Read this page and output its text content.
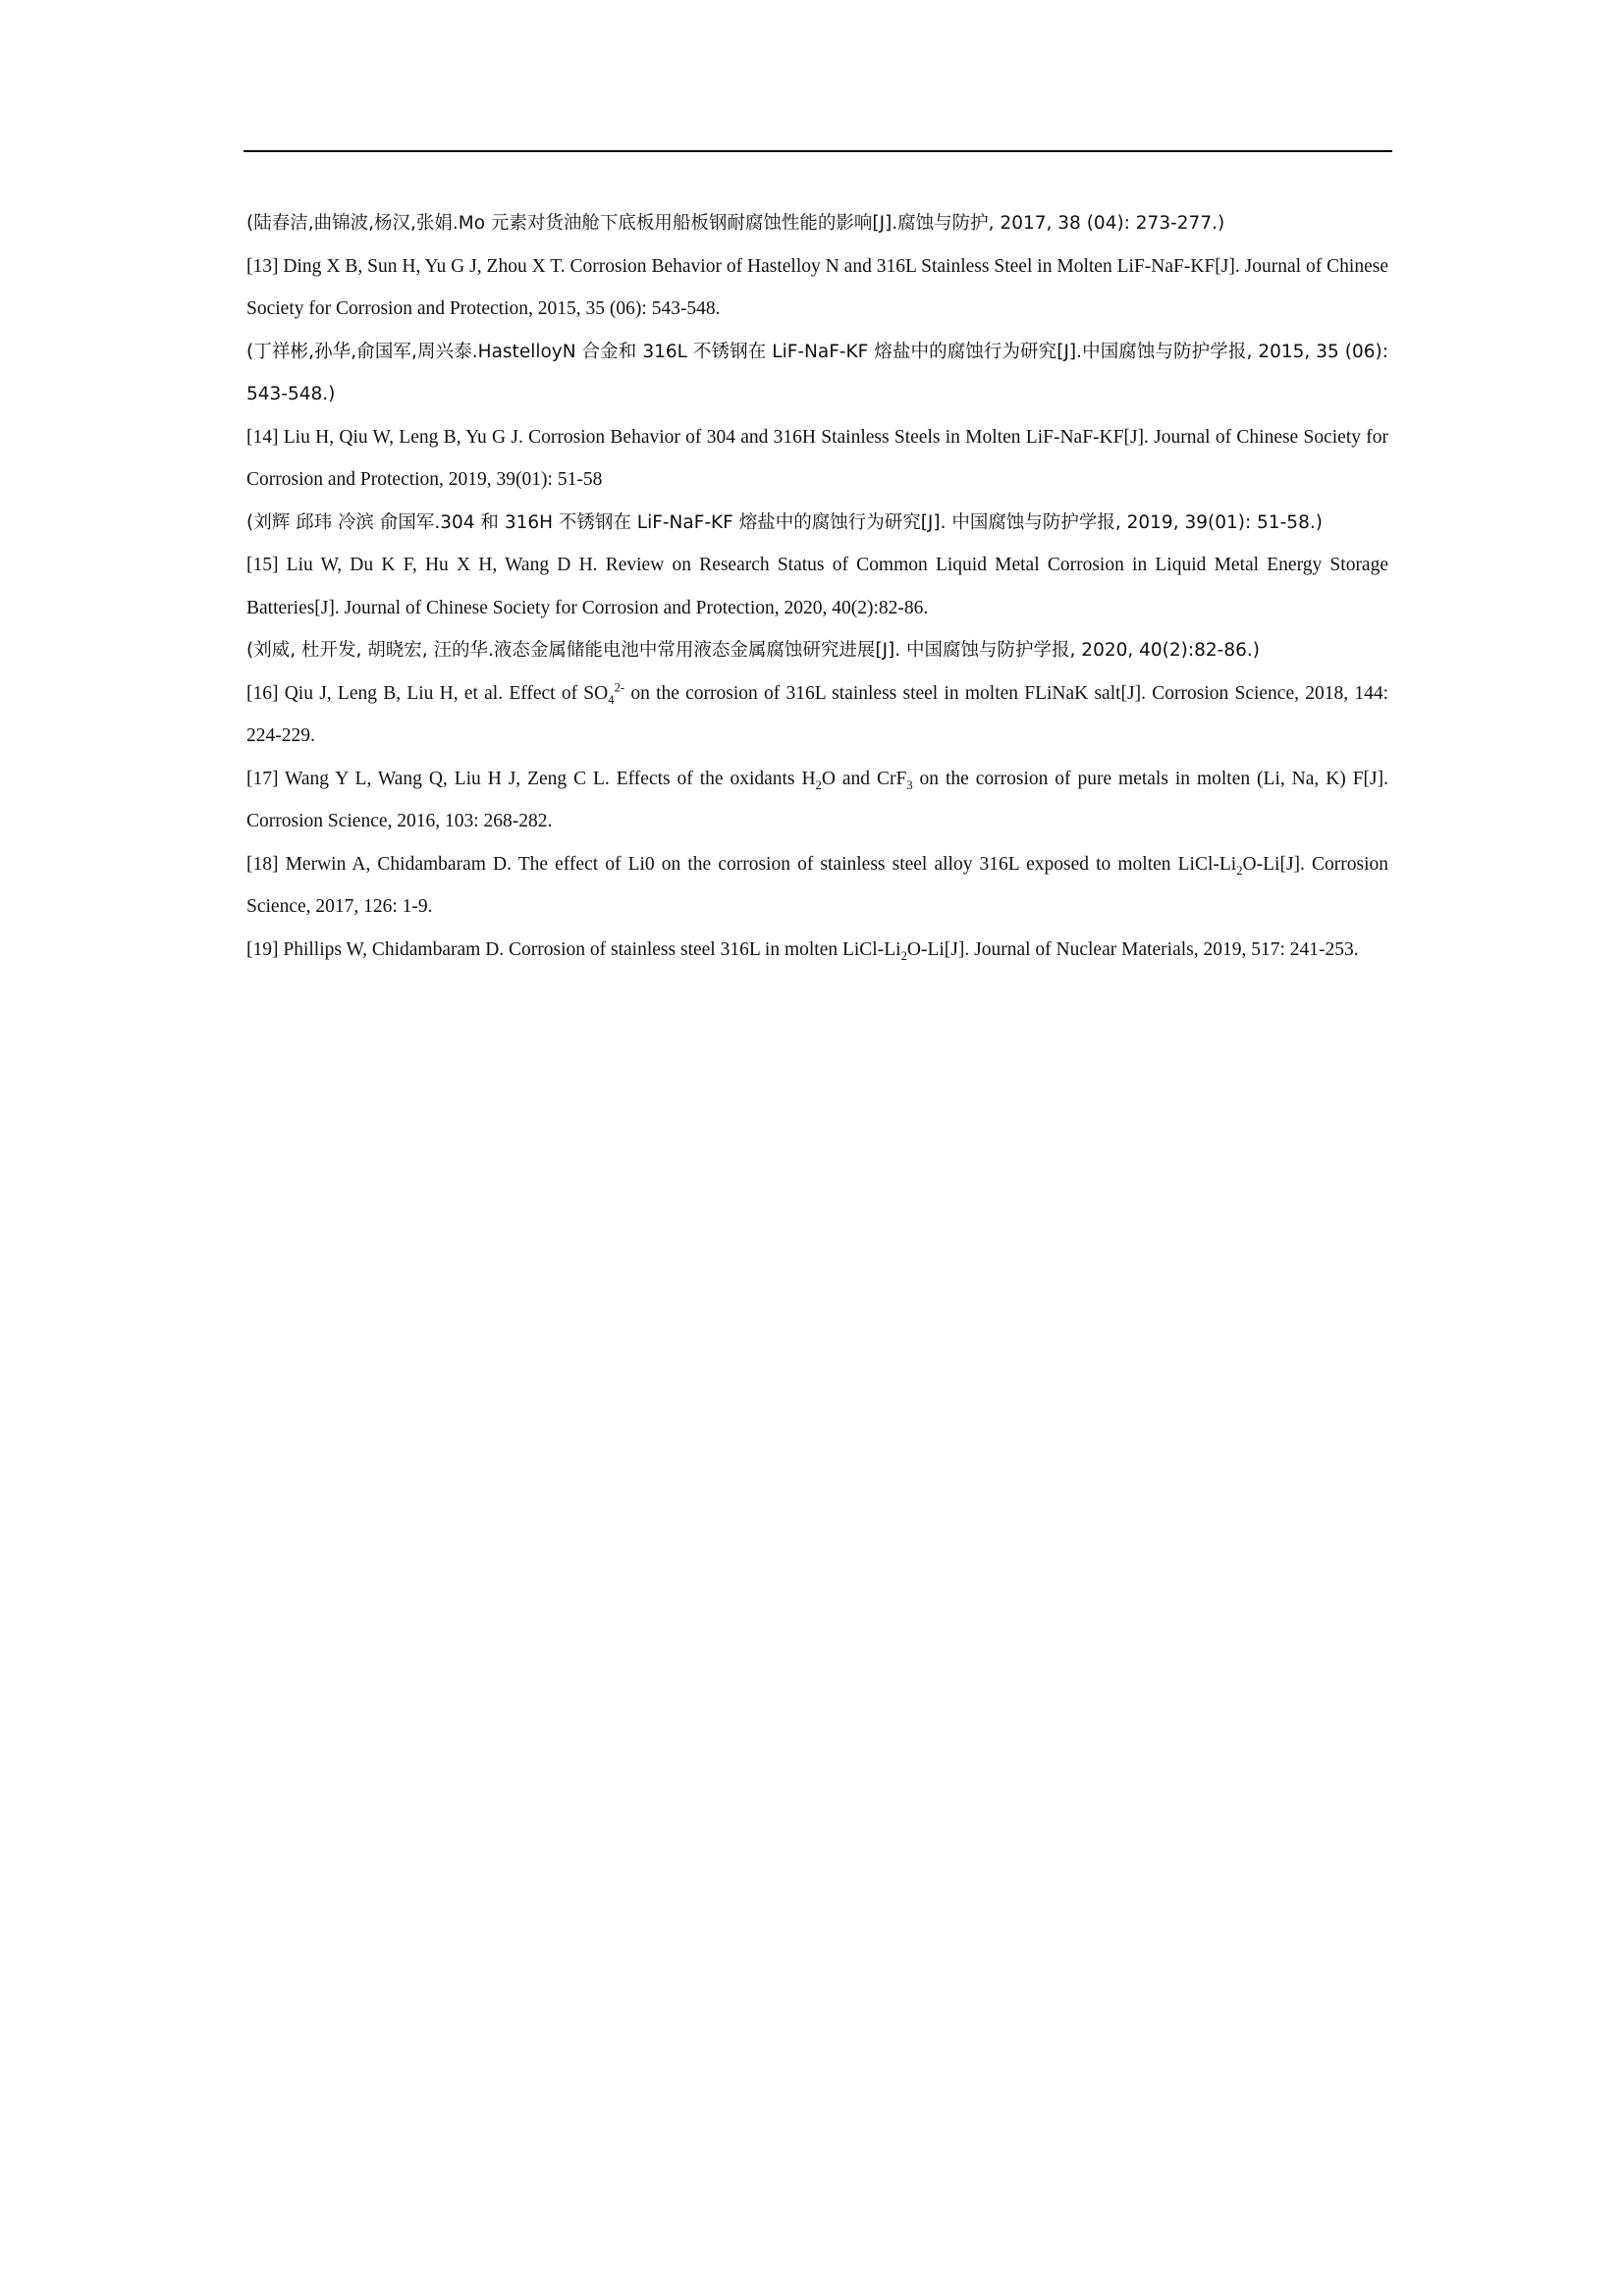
(陆春洁,曲锦波,杨汉,张娟.Mo 元素对货油舱下底板用船板钢耐腐蚀性能的影响[J].腐蚀与防护, 2017, 38 (04): 273-277.)

[13] Ding X B, Sun H, Yu G J, Zhou X T. Corrosion Behavior of Hastelloy N and 316L Stainless Steel in Molten LiF-NaF-KF[J]. Journal of Chinese Society for Corrosion and Protection, 2015, 35 (06): 543-548.

(丁祥彬,孙华,俞国军,周兴泰.HastelloyN 合金和 316L 不锈钢在 LiF-NaF-KF 熔盐中的腐蚀行为研究[J].中国腐蚀与防护学报, 2015, 35 (06): 543-548.)

[14] Liu H, Qiu W, Leng B, Yu G J. Corrosion Behavior of 304 and 316H Stainless Steels in Molten LiF-NaF-KF[J]. Journal of Chinese Society for Corrosion and Protection, 2019, 39(01): 51-58

(刘辉 邱玮 冷滨 俞国军.304 和 316H 不锈钢在 LiF-NaF-KF 熔盐中的腐蚀行为研究[J]. 中国腐蚀与防护学报, 2019, 39(01): 51-58.)

[15] Liu W, Du K F, Hu X H, Wang D H. Review on Research Status of Common Liquid Metal Corrosion in Liquid Metal Energy Storage Batteries[J]. Journal of Chinese Society for Corrosion and Protection, 2020, 40(2):82-86.

(刘威, 杜开发, 胡晓宏, 汪的华.液态金属储能电池中常用液态金属腐蚀研究进展[J]. 中国腐蚀与防护学报, 2020, 40(2):82-86.)

[16] Qiu J, Leng B, Liu H, et al. Effect of $SO_4^{2-}$ on the corrosion of 316L stainless steel in molten FLiNaK salt[J]. Corrosion Science, 2018, 144: 224-229.

[17] Wang Y L, Wang Q, Liu H J, Zeng C L. Effects of the oxidants $H_2O$ and CrF$_3$ on the corrosion of pure metals in molten (Li, Na, K) F[J]. Corrosion Science, 2016, 103: 268-282.

[18] Merwin A, Chidambaram D. The effect of Li0 on the corrosion of stainless steel alloy 316L exposed to molten LiCl-$Li_2O-Li[J]$. Corrosion Science, 2017, 126: 1-9.

[19] Phillips W, Chidambaram D. Corrosion of stainless steel 316L in molten LiCl-$Li_2O-Li[J]$. Journal of Nuclear Materials, 2019, 517: 241-253.
